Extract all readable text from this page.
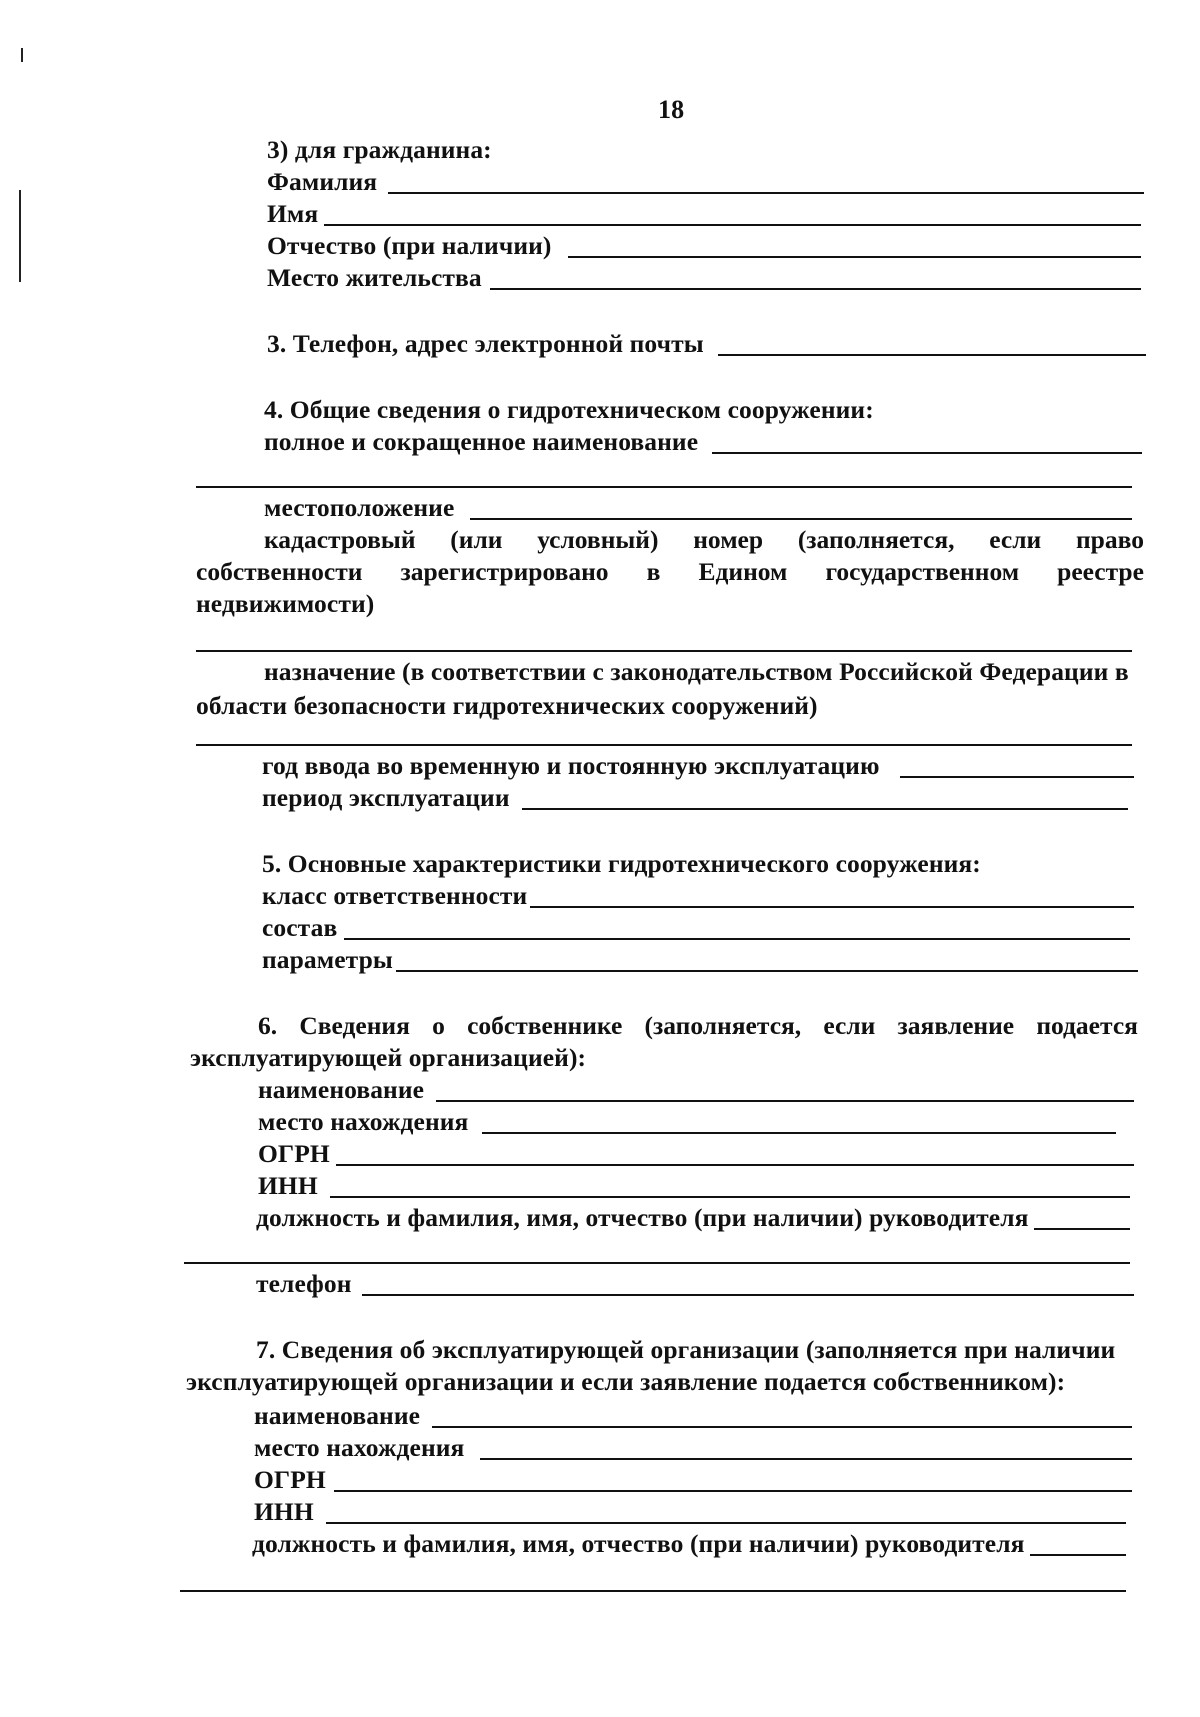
18
3) для гражданина:
Фамилия
Имя
Отчество (при наличии)
Место жительства
3. Телефон, адрес электронной почты
4. Общие сведения о гидротехническом сооружении:
полное и сокращенное наименование
местоположение
кадастровый (или условный) номер (заполняется, если право
собственности зарегистрировано в Едином государственном реестре
недвижимости)
назначение (в соответствии с законодательством Российской Федерации в
области безопасности гидротехнических сооружений)
год ввода во временную и постоянную эксплуатацию
период эксплуатации
5. Основные характеристики гидротехнического сооружения:
класс ответственности
состав
параметры
6. Сведения о собственнике (заполняется, если заявление подается
эксплуатирующей организацией):
наименование
место нахождения
ОГРН
ИНН
должность и фамилия, имя, отчество (при наличии) руководителя
телефон
7. Сведения об эксплуатирующей организации (заполняется при наличии
эксплуатирующей организации и если заявление подается собственником):
наименование
место нахождения
ОГРН
ИНН
должность и фамилия, имя, отчество (при наличии) руководителя
